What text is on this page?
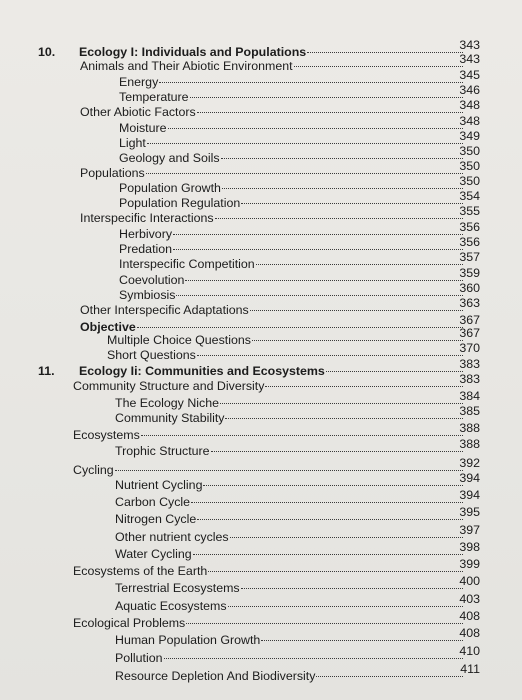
10. Ecology I: Individuals and Populations	343
Animals and Their Abiotic Environment	343
Energy	345
Temperature	346
Other Abiotic Factors	348
Moisture	348
Light	349
Geology and Soils	350
Populations	350
Population Growth	350
Population Regulation	354
Interspecific Interactions	355
Herbivory	356
Predation	356
Interspecific Competition	357
Coevolution	359
Symbiosis	360
Other Interspecific Adaptations	363
Objective	367
Multiple Choice Questions	367
Short Questions	370
11. Ecology Ii: Communities and Ecosystems	383
Community Structure and Diversity	383
The Ecology Niche	384
Community Stability	385
Ecosystems	388
Trophic Structure	388
Cycling	392
Nutrient Cycling	394
Carbon Cycle	394
Nitrogen Cycle	395
Other nutrient cycles	397
Water Cycling	398
Ecosystems of the Earth	399
Terrestrial Ecosystems	400
Aquatic Ecosystems	403
Ecological Problems	408
Human Population Growth	408
Pollution	410
Resource Depletion And Biodiversity	411
